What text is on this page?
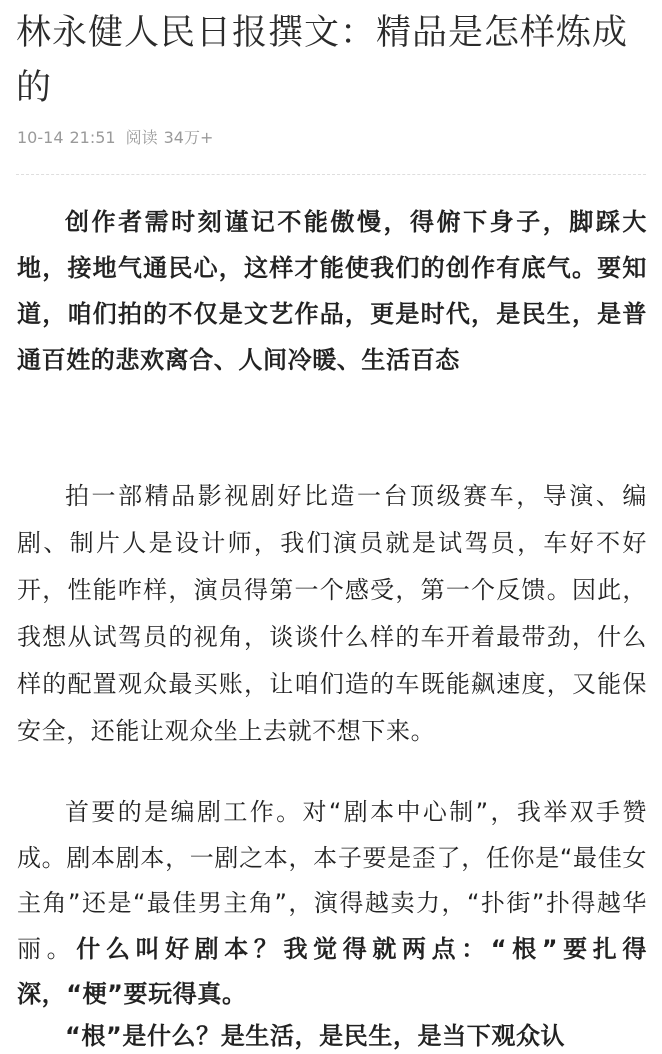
林永健人民日报撰文：精品是怎样炼成的
10-14 21:51 阅读 34万+

创作者需时刻谨记不能傲慢，得俯下身子，脚踩大地，接地气通民心，这样才能使我们的创作有底气。要知道，咱们拍的不仅是文艺作品，更是时代，是民生，是普通百姓的悲欢离合、人间冷暖、生活百态

拍一部精品影视剧好比造一台顶级赛车，导演、编剧、制片人是设计师，我们演员就是试驾员，车好不好开，性能咋样，演员得第一个感受，第一个反馈。因此，我想从试驾员的视角，谈谈什么样的车开着最带劲，什么样的配置观众最买账，让咱们造的车既能飙速度，又能保安全，还能让观众坐上去就不想下来。

首要的是编剧工作。对“剧本中心制”，我举双手赞成。剧本剧本，一剧之本，本子要是歪了，任你是“最佳女主角”还是“最佳男主角”，演得越卖力，“扑街”扑得越华丽。什么叫好剧本？我觉得就两点：“根”要扎得深，“梗”要玩得真。

“根”是什么？是生活，是民生，是当下观众认
